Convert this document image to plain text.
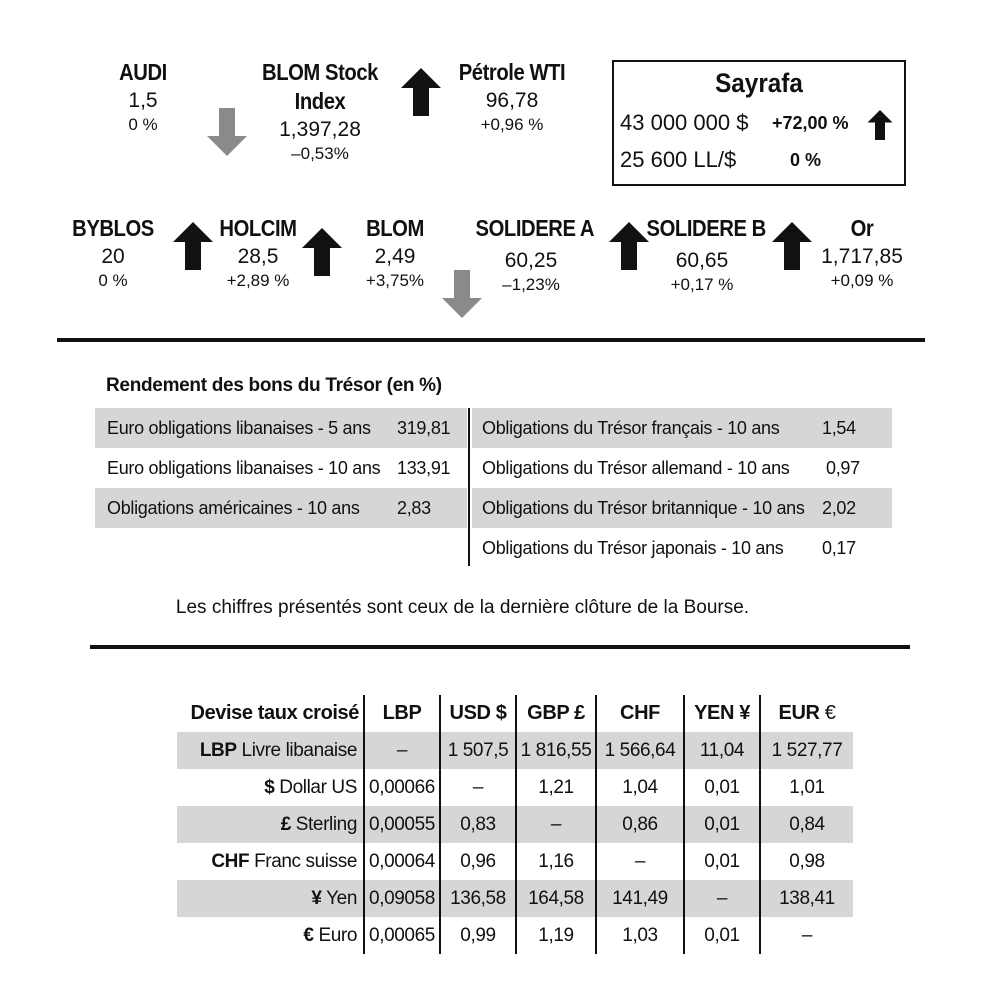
AUDI
1,5
0 %
BLOM Stock
Index
1,397,28
–0,53%
Pétrole WTI
96,78
+0,96 %
Sayrafa
43 000 000 $ +72,00 %
25 600 LL/$	0 %
BYBLOS
20
0 %
HOLCIM
28,5
+2,89 %
BLOM
2,49
+3,75%
SOLIDERE A
60,25
–1,23%
SOLIDERE B
60,65
+0,17 %
Or
1,717,85
+0,09 %
Rendement des bons du Trésor (en %)
Euro obligations libanaises - 5 ans 319,81
Euro obligations libanaises - 10 ans 133,91
Obligations américaines - 10 ans 2,83
Obligations du Trésor français - 10 ans 1,54
Obligations du Trésor allemand - 10 ans 0,97
Obligations du Trésor britannique - 10 ans 2,02
Obligations du Trésor japonais - 10 ans 0,17
Les chiffres présentés sont ceux de la dernière clôture de la Bourse.
Devise taux croisé	LBP	USD $	GBP £	CHF	YEN ¥	EUR €
LBP Livre libanaise	–	1 507,5	1 816,55	1 566,64	11,04	1 527,77
$ Dollar US	0,00066	–	1,21	1,04	0,01	1,01
£ Sterling	0,00055	0,83	–	0,86	0,01	0,84
CHF Franc suisse	0,00064	0,96	1,16	–	0,01	0,98
¥ Yen	0,09058	136,58	164,58	141,49	–	138,41
€ Euro	0,00065	0,99	1,19	1,03	0,01	–
